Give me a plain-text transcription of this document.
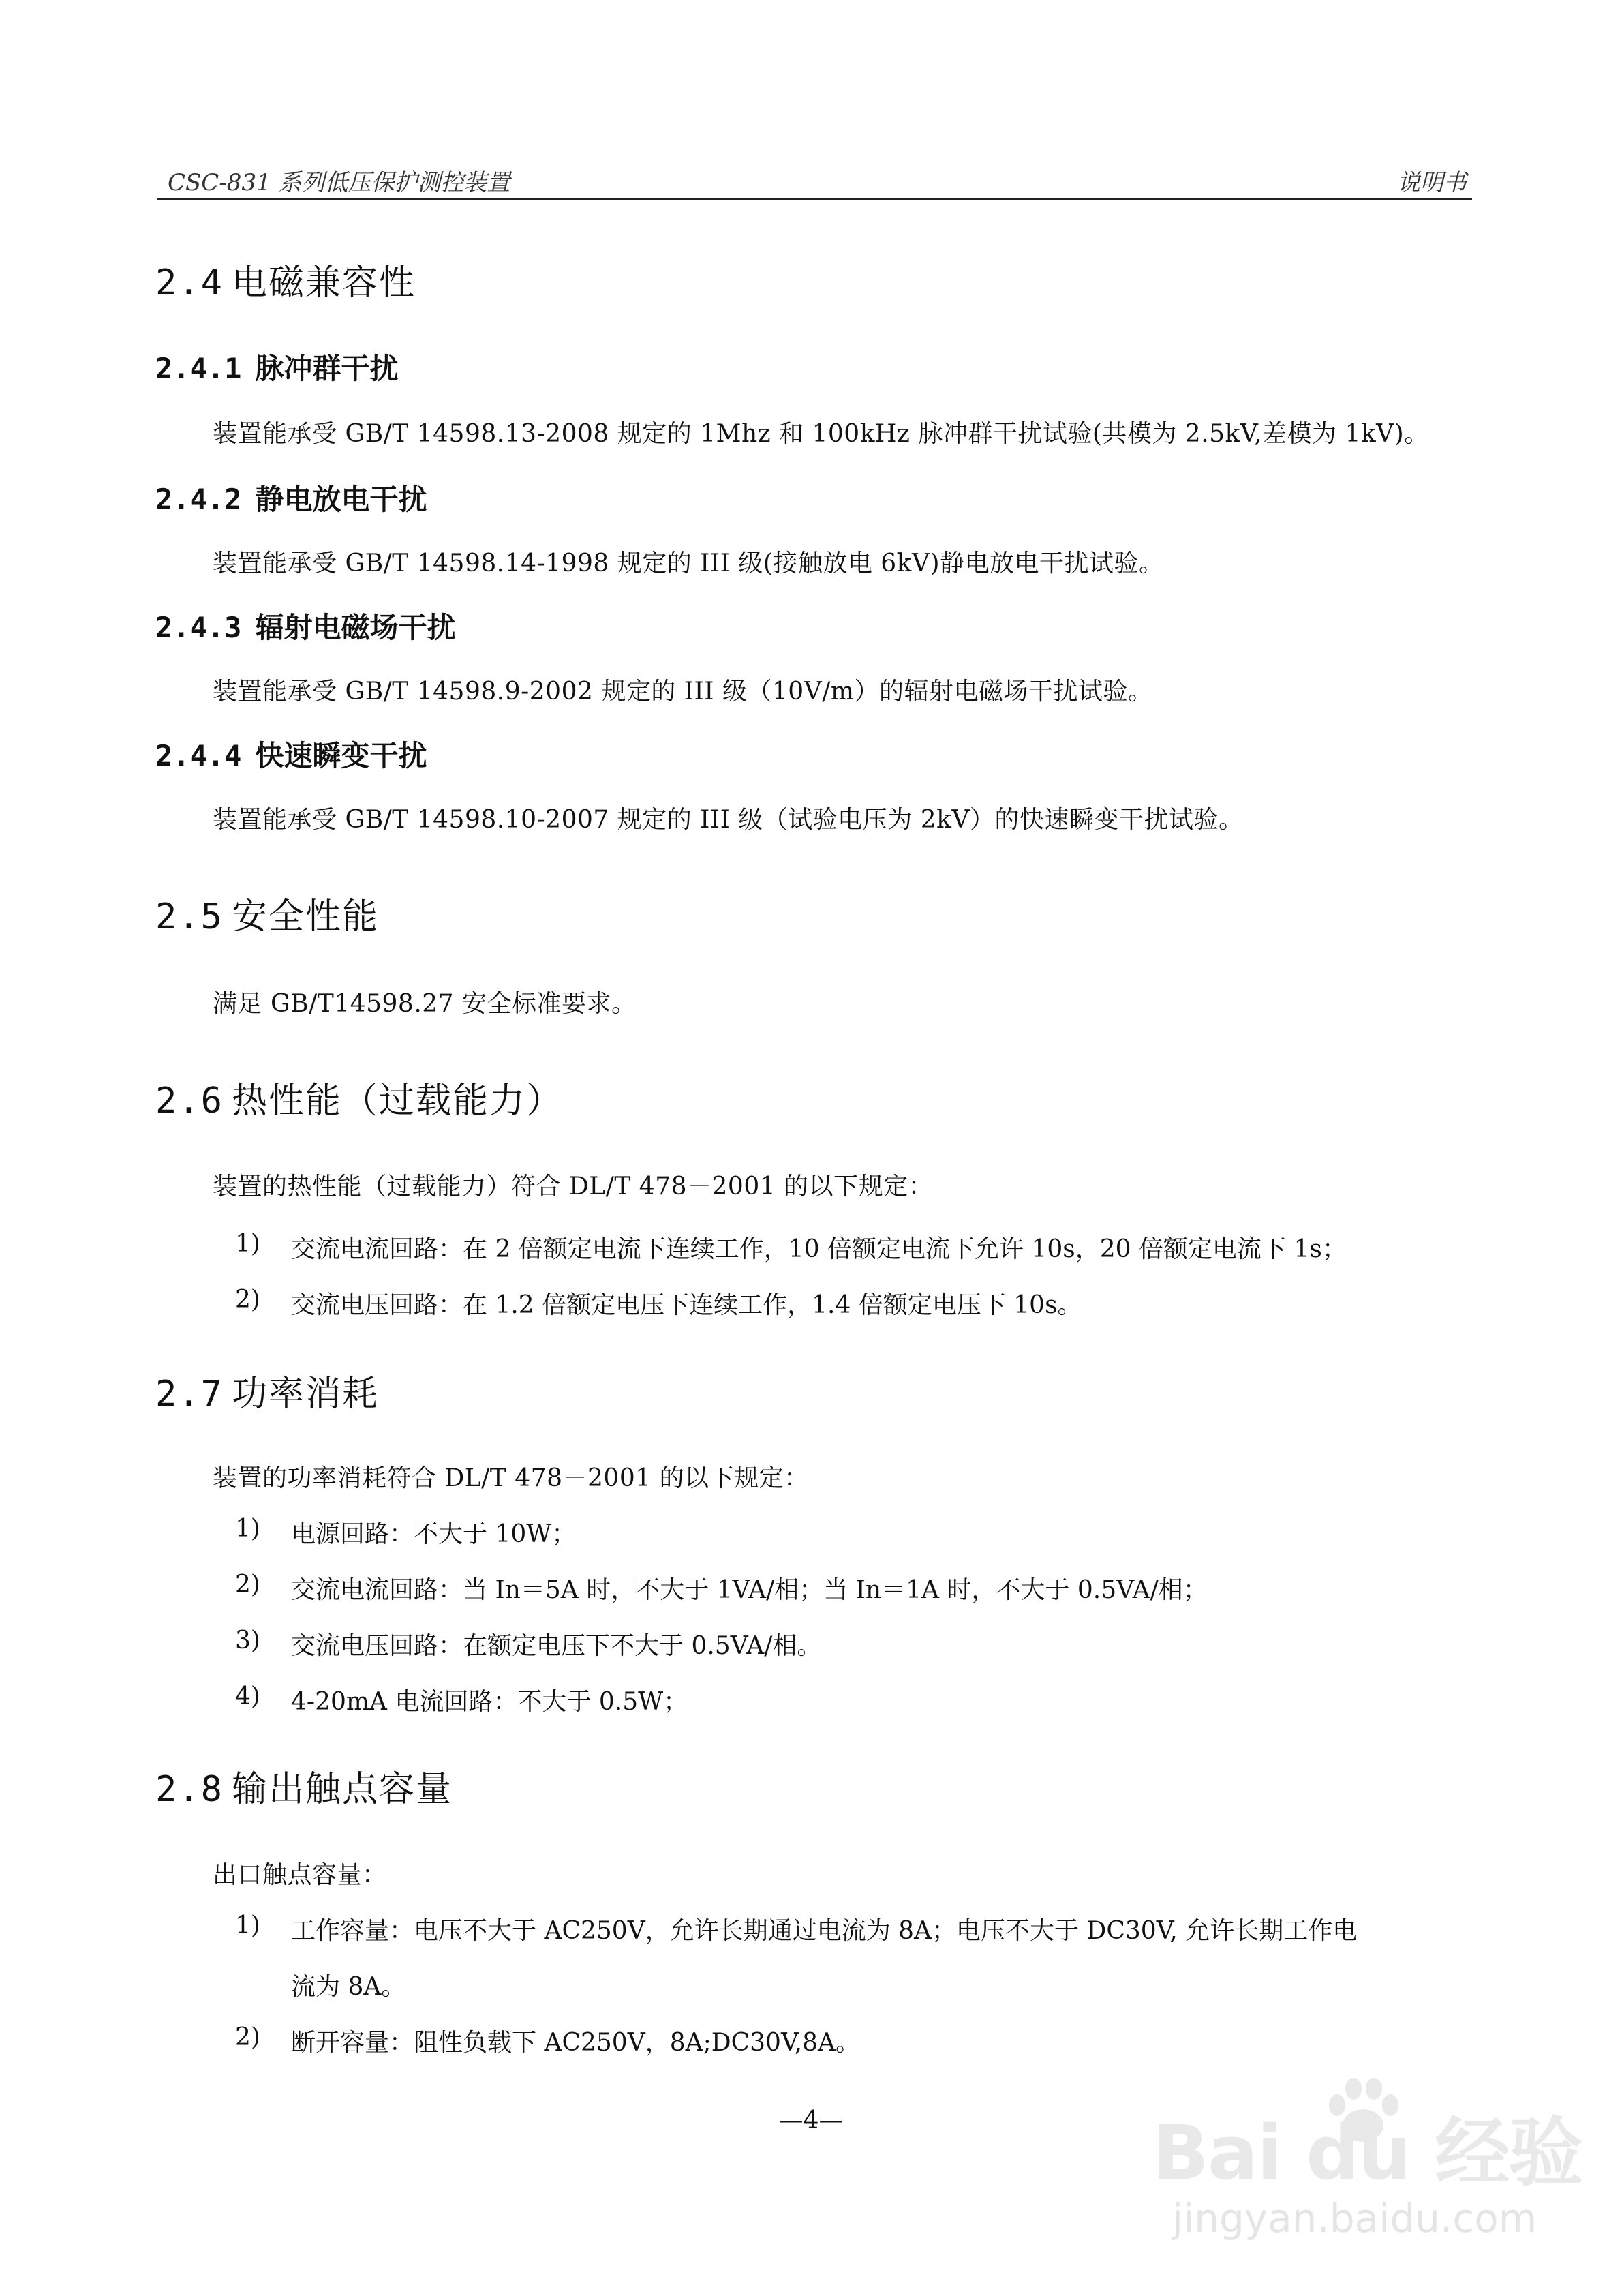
CSC-831 系列低压保护测控装置	说明书
2.4 电磁兼容性
2.4.1 脉冲群干扰
装置能承受 GB/T 14598.13-2008 规定的 1Mhz 和 100kHz 脉冲群干扰试验(共模为 2.5kV,差模为 1kV)。
2.4.2 静电放电干扰
装置能承受 GB/T 14598.14-1998 规定的 III 级(接触放电 6kV)静电放电干扰试验。
2.4.3 辐射电磁场干扰
装置能承受 GB/T 14598.9-2002 规定的 III 级（10V/m）的辐射电磁场干扰试验。
2.4.4 快速瞬变干扰
装置能承受 GB/T 14598.10-2007 规定的 III 级（试验电压为 2kV）的快速瞬变干扰试验。
2.5 安全性能
满足 GB/T14598.27 安全标准要求。
2.6 热性能（过载能力）
装置的热性能（过载能力）符合 DL/T 478－2001 的以下规定：
1) 交流电流回路：在 2 倍额定电流下连续工作，10 倍额定电流下允许 10s，20 倍额定电流下 1s；
2) 交流电压回路：在 1.2 倍额定电压下连续工作，1.4 倍额定电压下 10s。
2.7 功率消耗
装置的功率消耗符合 DL/T 478－2001 的以下规定：
1) 电源回路：不大于 10W；
2) 交流电流回路：当 In＝5A 时，不大于 1VA/相；当 In＝1A 时，不大于 0.5VA/相；
3) 交流电压回路：在额定电压下不大于 0.5VA/相。
4) 4-20mA 电流回路：不大于 0.5W；
2.8 输出触点容量
出口触点容量：
1) 工作容量：电压不大于 AC250V，允许长期通过电流为 8A；电压不大于 DC30V, 允许长期工作电
流为 8A。
2) 断开容量：阻性负载下 AC250V，8A;DC30V,8A。
—4—	Bai du 经验
jingyan.baidu.com
